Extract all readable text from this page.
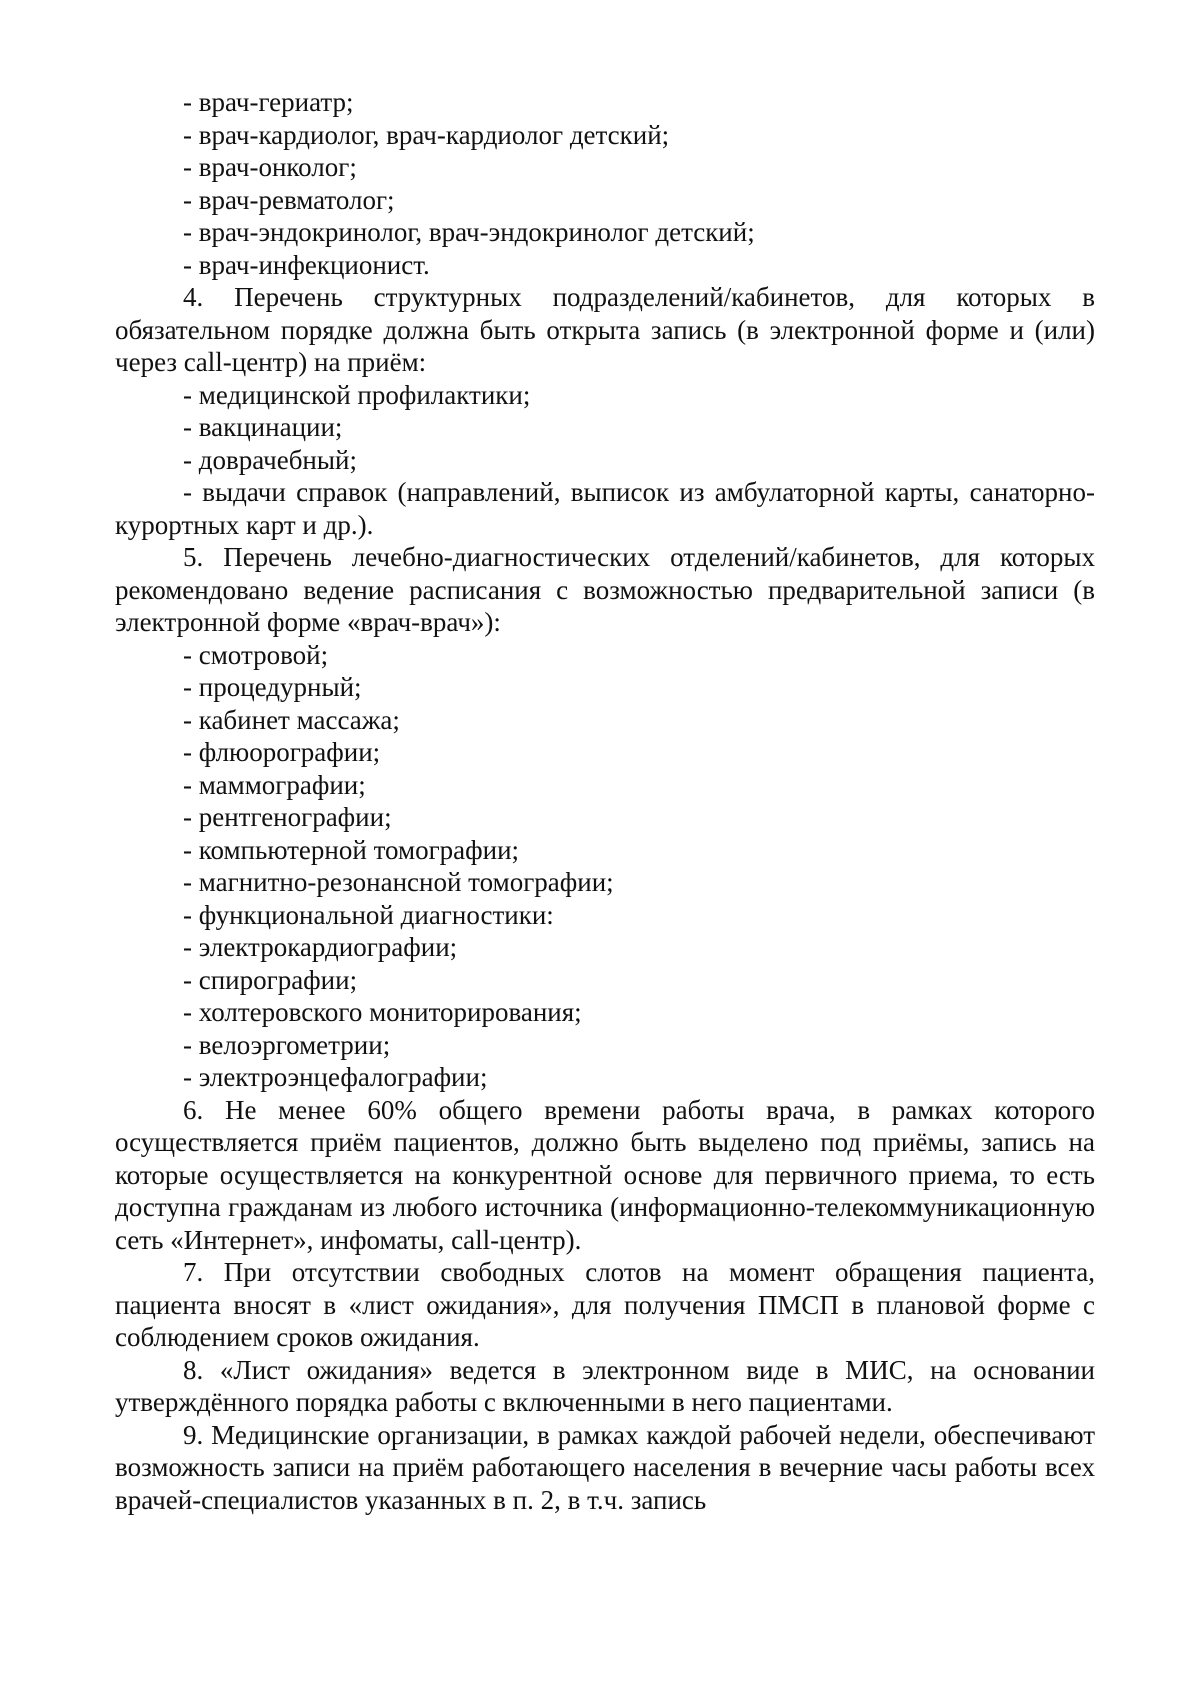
- врач-гериатр;
- врач-кардиолог, врач-кардиолог детский;
- врач-онколог;
- врач-ревматолог;
- врач-эндокринолог, врач-эндокринолог детский;
- врач-инфекционист.
4. Перечень структурных подразделений/кабинетов, для которых в обязательном порядке должна быть открыта запись (в электронной форме и (или) через call-центр) на приём:
- медицинской профилактики;
- вакцинации;
- доврачебный;
- выдачи справок (направлений, выписок из амбулаторной карты, санаторно-курортных карт и др.).
5. Перечень лечебно-диагностических отделений/кабинетов, для которых рекомендовано ведение расписания с возможностью предварительной записи (в электронной форме «врач-врач»):
- смотровой;
- процедурный;
- кабинет массажа;
- флюорографии;
- маммографии;
- рентгенографии;
- компьютерной томографии;
- магнитно-резонансной томографии;
- функциональной диагностики:
- электрокардиографии;
- спирографии;
- холтеровского мониторирования;
- велоэргометрии;
- электроэнцефалографии;
6. Не менее 60% общего времени работы врача, в рамках которого осуществляется приём пациентов, должно быть выделено под приёмы, запись на которые осуществляется на конкурентной основе для первичного приема, то есть доступна гражданам из любого источника (информационно-телекоммуникационную сеть «Интернет», инфоматы, call-центр).
7. При отсутствии свободных слотов на момент обращения пациента, пациента вносят в «лист ожидания», для получения ПМСП в плановой форме с соблюдением сроков ожидания.
8. «Лист ожидания» ведется в электронном виде в МИС, на основании утверждённого порядка работы с включенными в него пациентами.
9. Медицинские организации, в рамках каждой рабочей недели, обеспечивают возможность записи на приём работающего населения в вечерние часы работы всех врачей-специалистов указанных в п. 2, в т.ч. запись
